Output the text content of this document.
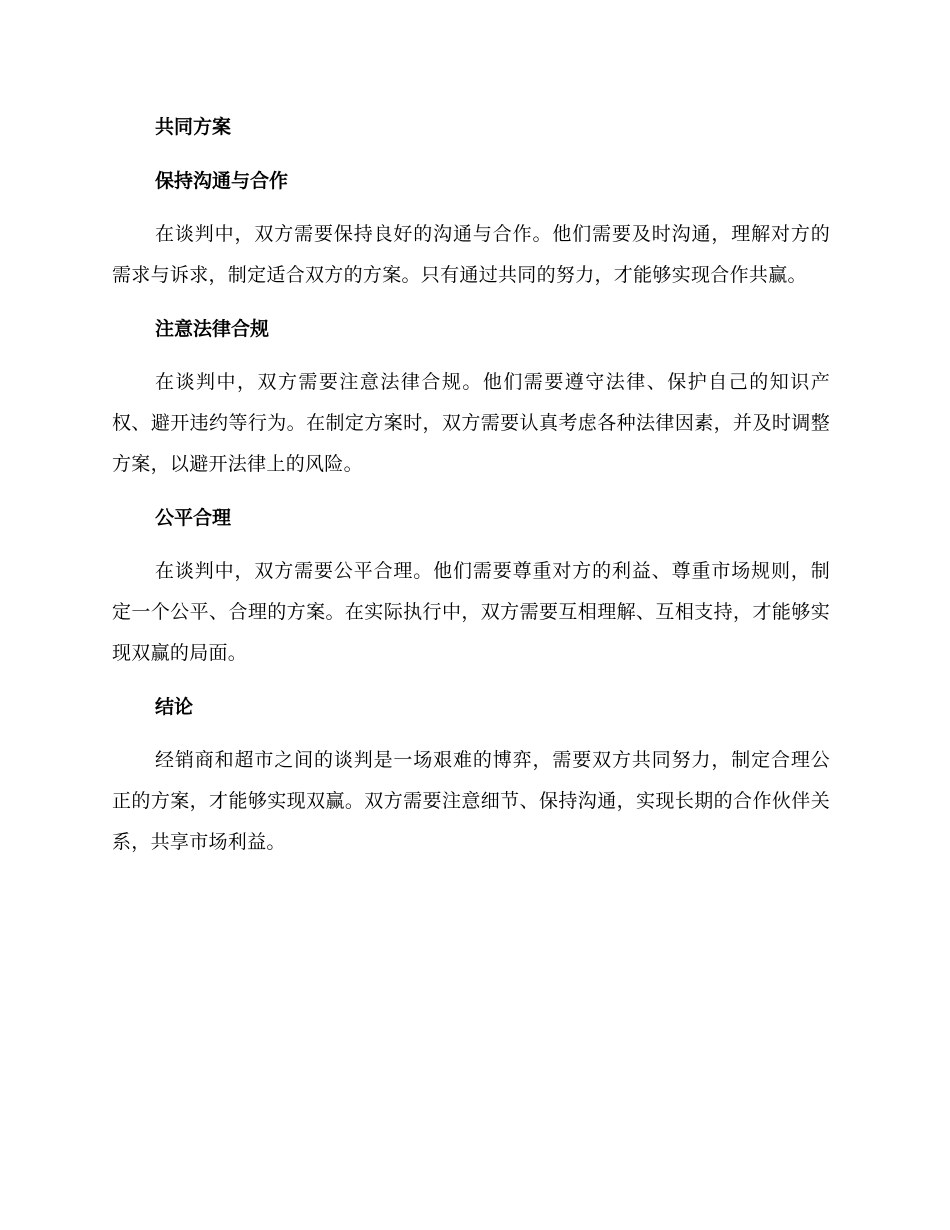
共同方案
保持沟通与合作

在谈判中，双方需要保持良好的沟通与合作。他们需要及时沟通，理解对方的需求与诉求，制定适合双方的方案。只有通过共同的努力，才能够实现合作共赢。

注意法律合规

在谈判中，双方需要注意法律合规。他们需要遵守法律、保护自己的知识产权、避开违约等行为。在制定方案时，双方需要认真考虑各种法律因素，并及时调整方案，以避开法律上的风险。

公平合理

在谈判中，双方需要公平合理。他们需要尊重对方的利益、尊重市场规则，制定一个公平、合理的方案。在实际执行中，双方需要互相理解、互相支持，才能够实现双赢的局面。

结论

经销商和超市之间的谈判是一场艰难的博弈，需要双方共同努力，制定合理公正的方案，才能够实现双赢。双方需要注意细节、保持沟通，实现长期的合作伙伴关系，共享市场利益。
